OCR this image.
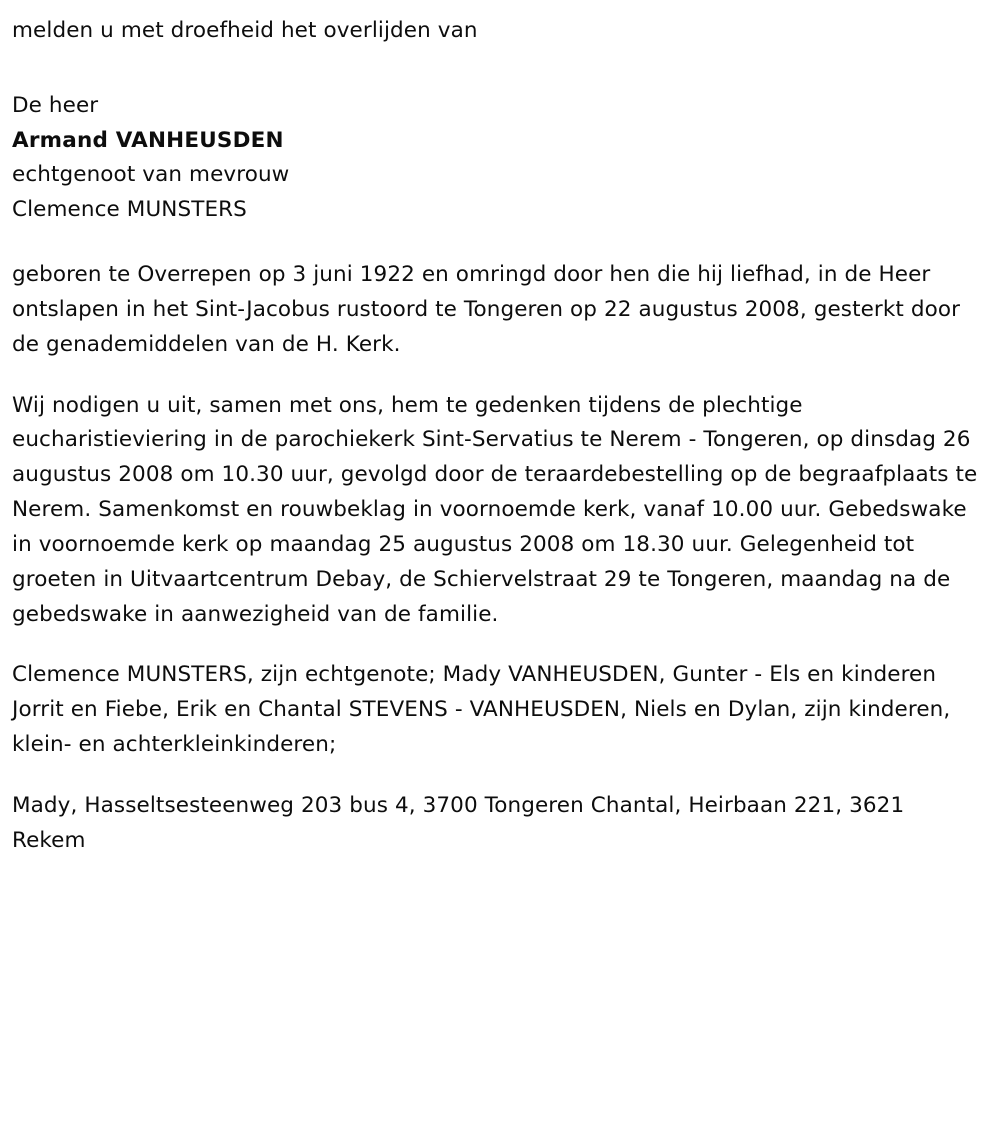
melden u met droefheid het overlijden van

De heer

Armand VANHEUSDEN

echtgenoot van mevrouw

Clemence MUNSTERS

geboren te Overrepen op 3 juni 1922 en omringd door hen die hij liefhad, in de Heer ontslapen in het Sint-Jacobus rustoord te Tongeren op 22 augustus 2008, gesterkt door de genademiddelen van de H. Kerk.

Wij nodigen u uit, samen met ons, hem te gedenken tijdens de plechtige eucharistieviering in de parochiekerk Sint-Servatius te Nerem - Tongeren, op dinsdag 26 augustus 2008 om 10.30 uur, gevolgd door de teraardebestelling op de begraafplaats te Nerem. Samenkomst en rouwbeklag in voornoemde kerk, vanaf 10.00 uur. Gebedswake in voornoemde kerk op maandag 25 augustus 2008 om 18.30 uur. Gelegenheid tot groeten in Uitvaartcentrum Debay, de Schiervelstraat 29 te Tongeren, maandag na de gebedswake in aanwezigheid van de familie.

Clemence MUNSTERS, zijn echtgenote; Mady VANHEUSDEN, Gunter - Els en kinderen Jorrit en Fiebe, Erik en Chantal STEVENS - VANHEUSDEN, Niels en Dylan, zijn kinderen, klein- en achterkleinkinderen;

Mady, Hasseltsesteenweg 203 bus 4, 3700 Tongeren Chantal, Heirbaan 221, 3621 Rekem
